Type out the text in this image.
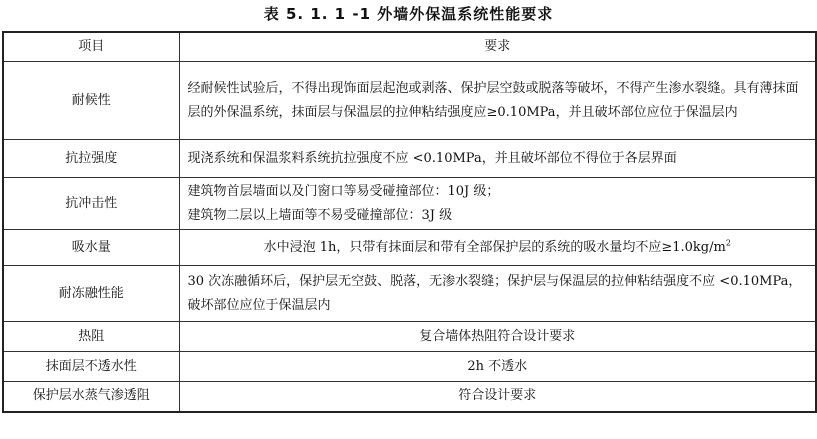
表 5. 1. 1 -1 外墙外保温系统性能要求
项目	要求
耐候性	经耐候性试验后，不得出现饰面层起泡或剥落、保护层空鼓或脱落等破坏，不得产生渗水裂缝。具有薄抹面层的外保温系统，抹面层与保温层的拉伸粘结强度应≥0.10MPa，并且破坏部位应位于保温层内
抗拉强度	现浇系统和保温浆料系统抗拉强度不应 <0.10MPa，并且破坏部位不得位于各层界面
抗冲击性	建筑物首层墙面以及门窗口等易受碰撞部位：10J 级；
建筑物二层以上墙面等不易受碰撞部位：3J 级

吸水量	水中浸泡 1h，只带有抹面层和带有全部保护层的系统的吸水量均不应$\ge 1.0kg/m^2$
耐冻融性能	30 次冻融循环后，保护层无空鼓、脱落，无渗水裂缝；保护层与保温层的拉伸粘结强度不应 <0.10MPa，破坏部位应位于保温层内
热阻	复合墙体热阻符合设计要求
抹面层不透水性	2h 不透水
保护层水蒸气渗透阻	符合设计要求
